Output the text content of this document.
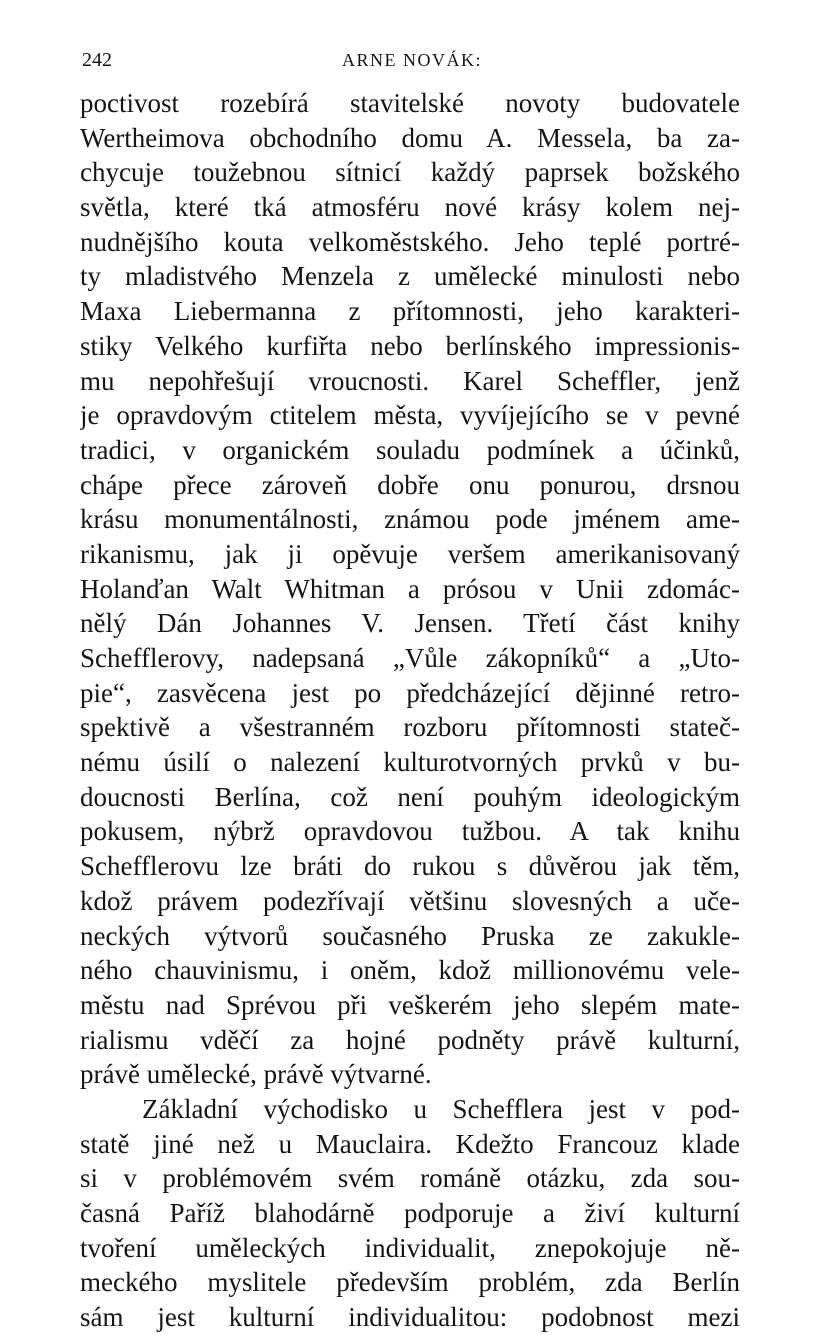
242	ARNE NOVÁK:
poctivost rozebírá stavitelské novoty budovatele
Wertheimova obchodního domu A. Messela, ba za-
chycuje toužebnou sítnicí každý paprsek božského
světla, které tká atmosféru nové krásy kolem nej-
nudnějšího kouta velkoměstského. Jeho teplé portré-
ty mladistvého Menzela z umělecké minulosti nebo
Maxa Liebermanna z přítomnosti, jeho karakteri-
stiky Velkého kurfiřta nebo berlínského impressionis-
mu nepohřešují vroucnosti. Karel Scheffler, jenž
je opravdovým ctitelem města, vyvíjejícího se v pevné
tradici, v organickém souladu podmínek a účinků,
chápe přece zároveň dobře onu ponurou, drsnou
krásu monumentálnosti, známou pode jménem ame-
rikanismu, jak ji opěvuje veršem amerikanisovaný
Holanďan Walt Whitman a prósou v Unii zdomác-
nělý Dán Johannes V. Jensen. Třetí část knihy
Schefflerovy, nadepsaná „Vůle zákopníků“ a „Uto-
pie“, zasvěcena jest po předcházející dějinné retro-
spektivě a všestranném rozboru přítomnosti stateč-
nému úsilí o nalezení kulturotvorných prvků v bu-
doucnosti Berlína, což není pouhým ideologickým
pokusem, nýbrž opravdovou tužbou. A tak knihu
Schefflerovu lze bráti do rukou s důvěrou jak těm,
kdož právem podezřívají většinu slovesných a uče-
neckých výtvorů současného Pruska ze zakukle-
ného chauvinismu, i oněm, kdož millionovému vele-
městu nad Sprévou při veškerém jeho slepém mate-
rialismu vděčí za hojné podněty právě kulturní,
právě umělecké, právě výtvarné.
Základní východisko u Schefflera jest v pod-
statě jiné než u Mauclaira. Kdežto Francouz klade
si v problémovém svém románě otázku, zda sou-
časná Paříž blahodárně podporuje a živí kulturní
tvoření uměleckých individualit, znepokojuje ně-
meckého myslitele především problém, zda Berlín
sám jest kulturní individualitou: podobnost mezi
